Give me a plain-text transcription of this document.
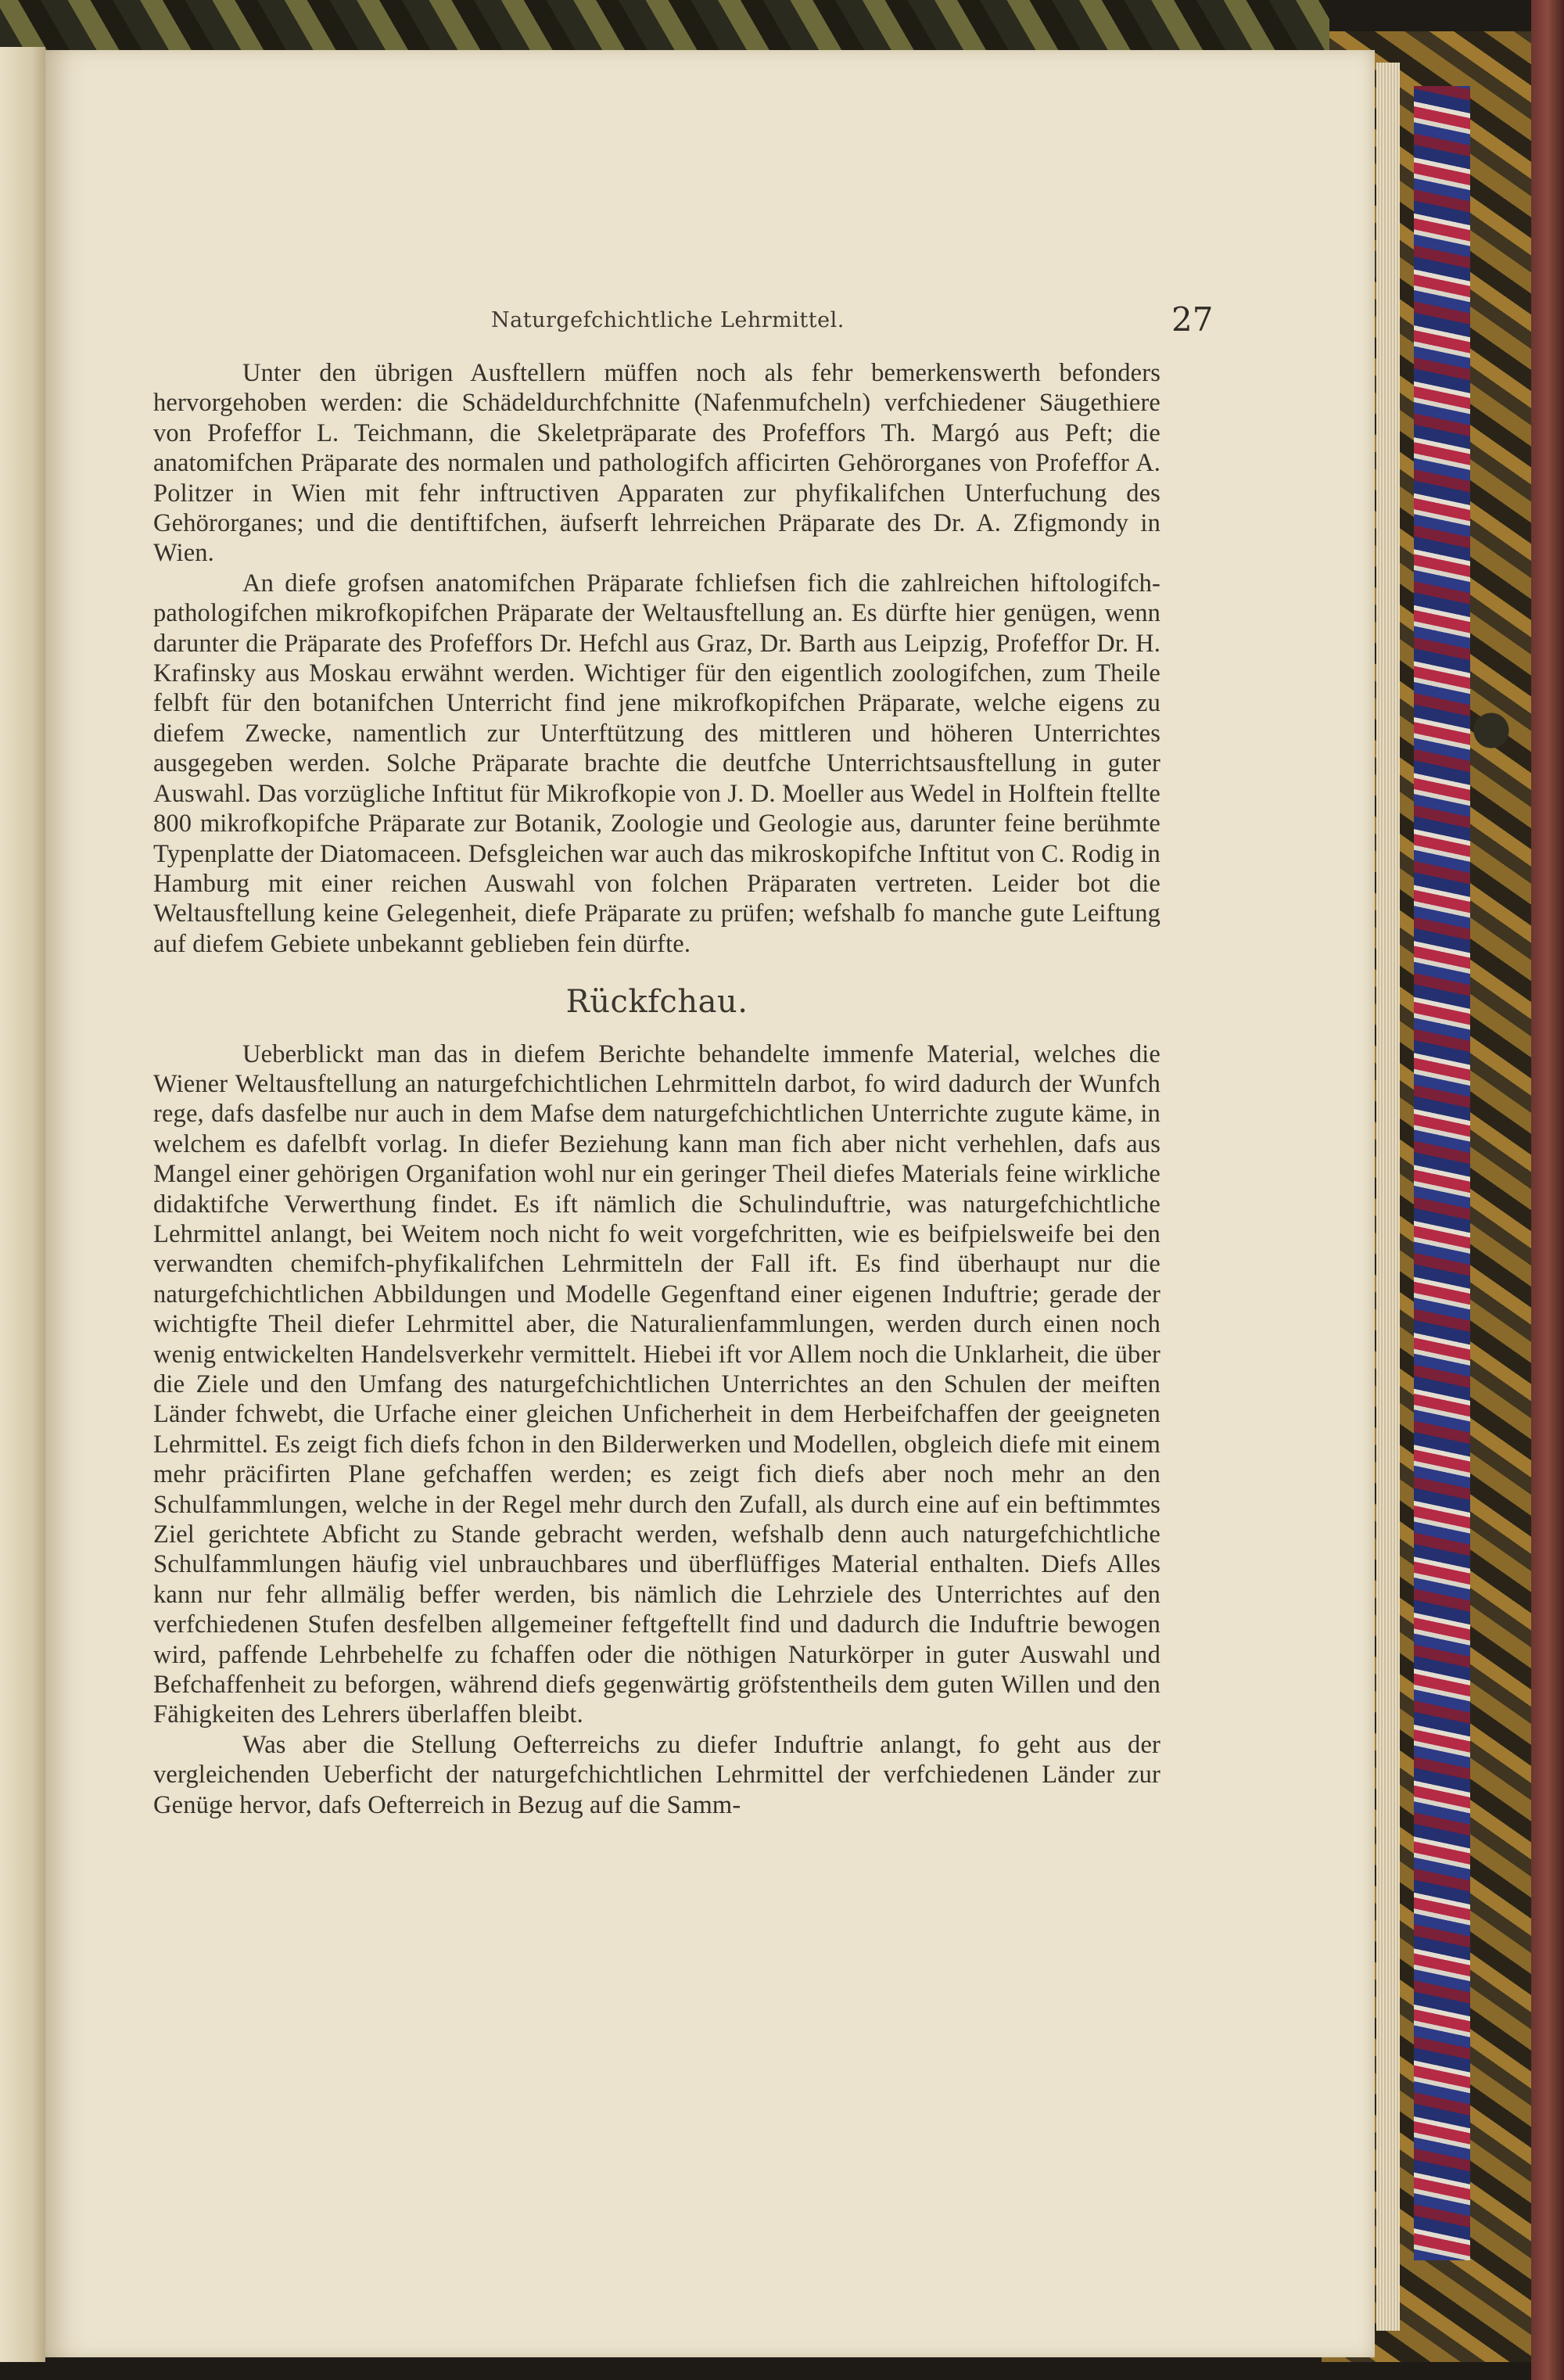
Naturgefchichtliche Lehrmittel.	27

Unter den übrigen Ausftellern müffen noch als fehr bemerkenswerth befonders hervorgehoben werden: die Schädeldurchfchnitte (Nafenmufcheln) verfchiedener Säugethiere von Profeffor L. Teichmann, die Skeletpräparate des Profeffors Th. Margó aus Peft; die anatomifchen Präparate des normalen und pathologifch afficirten Gehörorganes von Profeffor A. Politzer in Wien mit fehr inftructiven Apparaten zur phyfikalifchen Unterfuchung des Gehörorganes; und die dentiftifchen, äufserft lehrreichen Präparate des Dr. A. Zfigmondy in Wien.

An diefe grofsen anatomifchen Präparate fchliefsen fich die zahlreichen hiftologifch-pathologifchen mikrofkopifchen Präparate der Weltausftellung an. Es dürfte hier genügen, wenn darunter die Präparate des Profeffors Dr. Hefchl aus Graz, Dr. Barth aus Leipzig, Profeffor Dr. H. Krafinsky aus Moskau erwähnt werden. Wichtiger für den eigentlich zoologifchen, zum Theile felbft für den botanifchen Unterricht find jene mikrofkopifchen Präparate, welche eigens zu diefem Zwecke, namentlich zur Unterftützung des mittleren und höheren Unterrichtes ausgegeben werden. Solche Präparate brachte die deutfche Unterrichtsausftellung in guter Auswahl. Das vorzügliche Inftitut für Mikrofkopie von J. D. Moeller aus Wedel in Holftein ftellte 800 mikrofkopifche Präparate zur Botanik, Zoologie und Geologie aus, darunter feine berühmte Typenplatte der Diatomaceen. Defsgleichen war auch das mikroskopifche Inftitut von C. Rodig in Hamburg mit einer reichen Auswahl von folchen Präparaten vertreten. Leider bot die Weltausftellung keine Gelegenheit, diefe Präparate zu prüfen; wefshalb fo manche gute Leiftung auf diefem Gebiete unbekannt geblieben fein dürfte.

Rückfchau.

Ueberblickt man das in diefem Berichte behandelte immenfe Material, welches die Wiener Weltausftellung an naturgefchichtlichen Lehrmitteln darbot, fo wird dadurch der Wunfch rege, dafs dasfelbe nur auch in dem Mafse dem naturgefchichtlichen Unterrichte zugute käme, in welchem es dafelbft vorlag. In diefer Beziehung kann man fich aber nicht verhehlen, dafs aus Mangel einer gehörigen Organifation wohl nur ein geringer Theil diefes Materials feine wirkliche didaktifche Verwerthung findet. Es ift nämlich die Schulinduftrie, was naturgefchichtliche Lehrmittel anlangt, bei Weitem noch nicht fo weit vorgefchritten, wie es beifpielsweife bei den verwandten chemifch-phyfikalifchen Lehrmitteln der Fall ift. Es find überhaupt nur die naturgefchichtlichen Abbildungen und Modelle Gegenftand einer eigenen Induftrie; gerade der wichtigfte Theil diefer Lehrmittel aber, die Naturalienfammlungen, werden durch einen noch wenig entwickelten Handelsverkehr vermittelt. Hiebei ift vor Allem noch die Unklarheit, die über die Ziele und den Umfang des naturgefchichtlichen Unterrichtes an den Schulen der meiften Länder fchwebt, die Urfache einer gleichen Unficherheit in dem Herbeifchaffen der geeigneten Lehrmittel. Es zeigt fich diefs fchon in den Bilderwerken und Modellen, obgleich diefe mit einem mehr präcifirten Plane gefchaffen werden; es zeigt fich diefs aber noch mehr an den Schulfammlungen, welche in der Regel mehr durch den Zufall, als durch eine auf ein beftimmtes Ziel gerichtete Abficht zu Stande gebracht werden, wefshalb denn auch naturgefchichtliche Schulfammlungen häufig viel unbrauchbares und überflüffiges Material enthalten. Diefs Alles kann nur fehr allmälig beffer werden, bis nämlich die Lehrziele des Unterrichtes auf den verfchiedenen Stufen desfelben allgemeiner feftgeftellt find und dadurch die Induftrie bewogen wird, paffende Lehrbehelfe zu fchaffen oder die nöthigen Naturkörper in guter Auswahl und Befchaffenheit zu beforgen, während diefs gegenwärtig gröfstentheils dem guten Willen und den Fähigkeiten des Lehrers überlaffen bleibt.

Was aber die Stellung Oefterreichs zu diefer Induftrie anlangt, fo geht aus der vergleichenden Ueberficht der naturgefchichtlichen Lehrmittel der verfchiedenen Länder zur Genüge hervor, dafs Oefterreich in Bezug auf die Samm-
